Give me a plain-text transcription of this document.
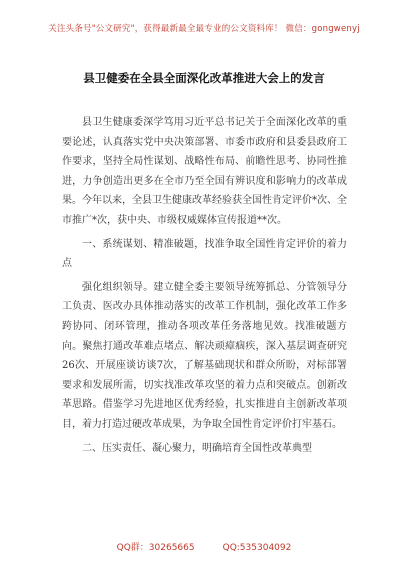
关注头条号"公文研究"，获得最新最全最专业的公文资料库！ 微信：gongwenyj
县卫健委在全县全面深化改革推进大会上的发言

县卫生健康委深学笃用习近平总书记关于全面深化改革的重要论述，认真落实党中央决策部署、市委市政府和县委县政府工作要求，坚持全局性谋划、战略性布局、前瞻性思考、协同性推进，力争创造出更多在全市乃至全国有辨识度和影响力的改革成果。今年以来，全县卫生健康改革经验获全国性肯定评价*次、全市推广*次，获中央、市级权威媒体宣传报道**次。

一、系统谋划、精准破题，找准争取全国性肯定评价的着力点

强化组织领导。建立健全委主要领导统筹抓总、分管领导分工负责、医改办具体推动落实的改革工作机制，强化改革工作多跨协同、闭环管理，推动各项改革任务落地见效。找准破题方向。聚焦打通改革难点堵点、解决顽瘴痼疾，深入基层调查研究26次、开展座谈访谈7次，了解基础现状和群众所盼，对标部署要求和发展所需，切实找准改革攻坚的着力点和突破点。创新改革思路。借鉴学习先进地区优秀经验，扎实推进自主创新改革项目，着力打造过硬改革成果，为争取全国性肯定评价打牢基石。

二、压实责任、凝心聚力，明确培育全国性改革典型

QQ群：30265665	QQ:535304092
